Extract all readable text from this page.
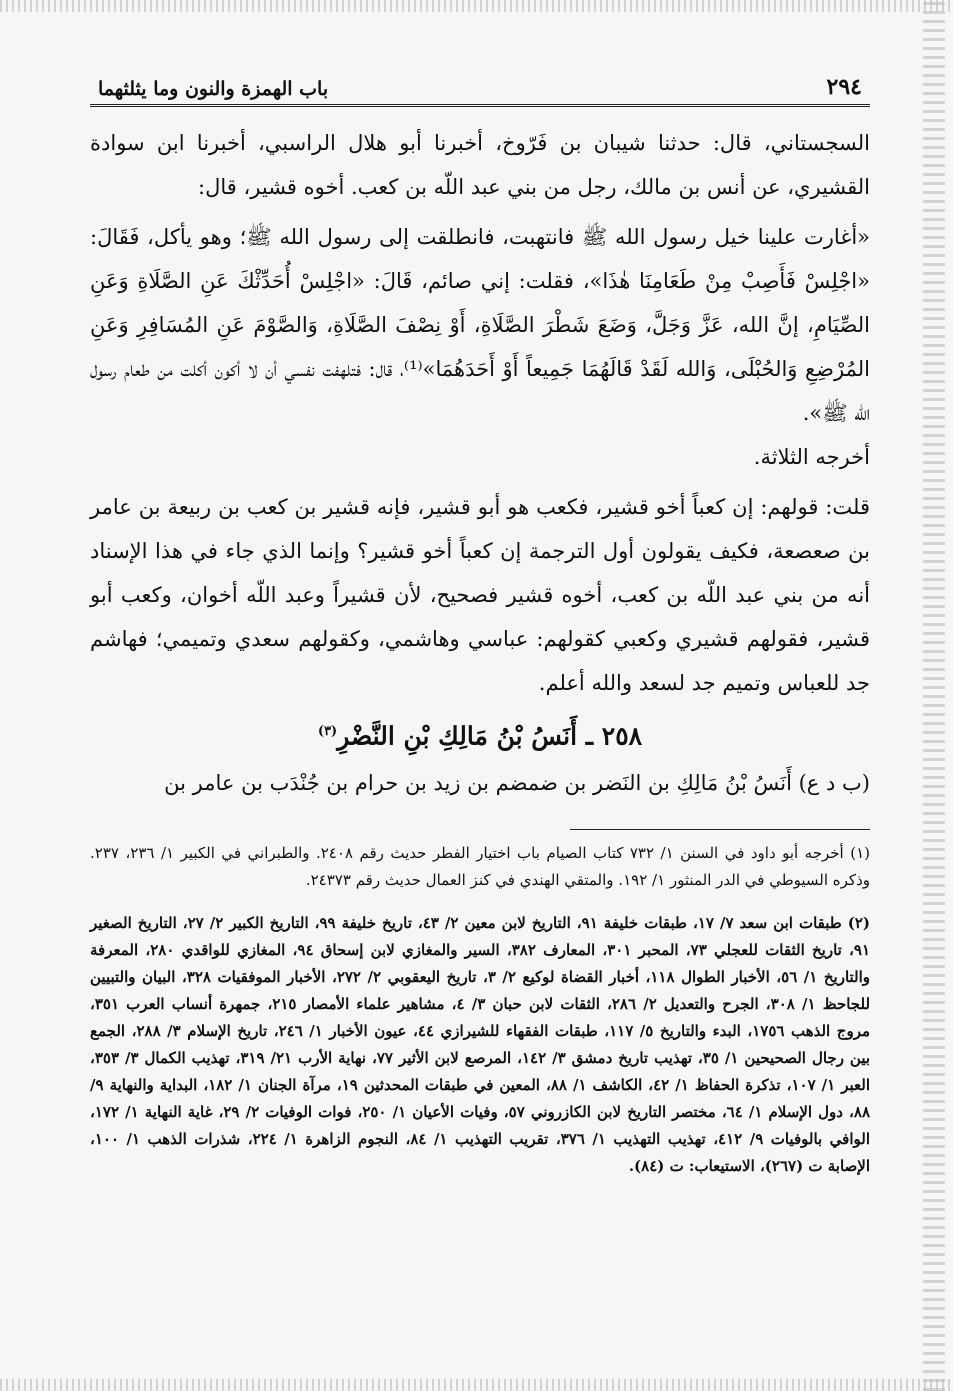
٢٩٤
باب الهمزة والنون وما يثلثهما

السجستاني، قال: حدثنا شيبان بن فَرّوخ، أخبرنا أبو هلال الراسبي، أخبرنا ابن سوادة القشيري، عن أنس بن مالك، رجل من بني عبد اللّه بن كعب. أخوه قشير، قال:

«أغارت علينا خيل رسول الله ﷺ فانتهبت، فانطلقت إلى رسول الله ﷺ؛ وهو يأكل، فَقَالَ: «اجْلِسْ فَأَصِبْ مِنْ طَعَامِنَا هٰذَا»، فقلت: إني صائم، قَالَ: «اجْلِسْ أُحَدِّثْكَ عَنِ الصَّلَاةِ وَعَنِ الصِّيَامِ، إنَّ الله، عَزَّ وَجَلَّ، وَضَعَ شَطْرَ الصَّلَاةِ، أَوْ نِصْفَ الصَّلَاةِ، وَالصَّوْمَ عَنِ المُسَافِرِ وَعَنِ المُرْضِعِ وَالحُبْلَى، وَالله لَقَدْ قَالَهُمَا جَمِيعاً أَوْ أَحَدَهُمَا»⁽¹⁾، قال: فتلهفت نفسي أن لا أكون أكلت من طعام رسول الله ﷺ».

أخرجه الثلاثة.

قلت: قولهم: إن كعباً أخو قشير، فكعب هو أبو قشير، فإنه قشير بن كعب بن ربيعة بن عامر بن صعصعة، فكيف يقولون أول الترجمة إن كعباً أخو قشير؟ وإنما الذي جاء في هذا الإسناد أنه من بني عبد اللّه بن كعب، أخوه قشير فصحيح، لأن قشيراً وعبد اللّه أخوان، وكعب أبو قشير، فقولهم قشيري وكعبي كقولهم: عباسي وهاشمي، وكقولهم سعدي وتميمي؛ فهاشم جد للعباس وتميم جد لسعد والله أعلم.

٢٥٨ ـ أَنَسُ بْنُ مَالِكِ بْنِ النَّضْرِ$^{(٣)}$

(ب د ع) أَنَسُ بْنُ مَالِكِ بن النَضر بن ضمضم بن زيد بن حرام بن جُنْدَب بن عامر بن

(١) أخرجه أبو داود في السنن ١/ ٧٣٢ كتاب الصيام باب اختيار الفطر حديث رقم ٢٤٠٨. والطبراني في الكبير ١/ ٢٣٦، ٢٣٧. وذكره السيوطي في الدر المنثور ١/ ١٩٢. والمتقي الهندي في كنز العمال حديث رقم ٢٤٣٧٣.

(٢) طبقات ابن سعد ٧/ ١٧، طبقات خليفة ٩١، التاريخ لابن معين ٢/ ٤٣، تاريخ خليفة ٩٩، التاريخ الكبير ٢/ ٢٧، التاريخ الصغير ٩١، تاريخ الثقات للعجلي ٧٣، المحبر ٣٠١، المعارف ٣٨٢، السير والمغازي لابن إسحاق ٩٤، المغازي للواقدي ٢٨٠، المعرفة والتاريخ ١/ ٥٦، الأخبار الطوال ١١٨، أخبار القضاة لوكيع ٢/ ٣، تاريخ اليعقوبي ٢/ ٢٧٢، الأخبار الموفقيات ٣٢٨، البيان والتبيين للجاحظ ١/ ٣٠٨، الجرح والتعديل ٢/ ٢٨٦، الثقات لابن حبان ٣/ ٤، مشاهير علماء الأمصار ٢١٥، جمهرة أنساب العرب ٣٥١، مروج الذهب ١٧٥٦، البدء والتاريخ ٥/ ١١٧، طبقات الفقهاء للشيرازي ٤٤، عيون الأخبار ١/ ٢٤٦، تاريخ الإسلام ٣/ ٢٨٨، الجمع بين رجال الصحيحين ١/ ٣٥، تهذيب تاريخ دمشق ٣/ ١٤٢، المرصع لابن الأثير ٧٧، نهاية الأرب ٢١/ ٣١٩، تهذيب الكمال ٣/ ٣٥٣، العبر ١/ ١٠٧، تذكرة الحفاظ ١/ ٤٢، الكاشف ١/ ٨٨، المعين في طبقات المحدثين ١٩، مرآة الجنان ١/ ١٨٢، البداية والنهاية ٩/ ٨٨، دول الإسلام ١/ ٦٤، مختصر التاريخ لابن الكازروني ٥٧، وفيات الأعيان ١/ ٢٥٠، فوات الوفيات ٢/ ٢٩، غاية النهاية ١/ ١٧٢، الوافي بالوفيات ٩/ ٤١٢، تهذيب التهذيب ١/ ٣٧٦، تقريب التهذيب ١/ ٨٤، النجوم الزاهرة ١/ ٢٢٤، شذرات الذهب ١/ ١٠٠، الإصابة ت (٢٦٧)، الاستيعاب: ت (٨٤).
